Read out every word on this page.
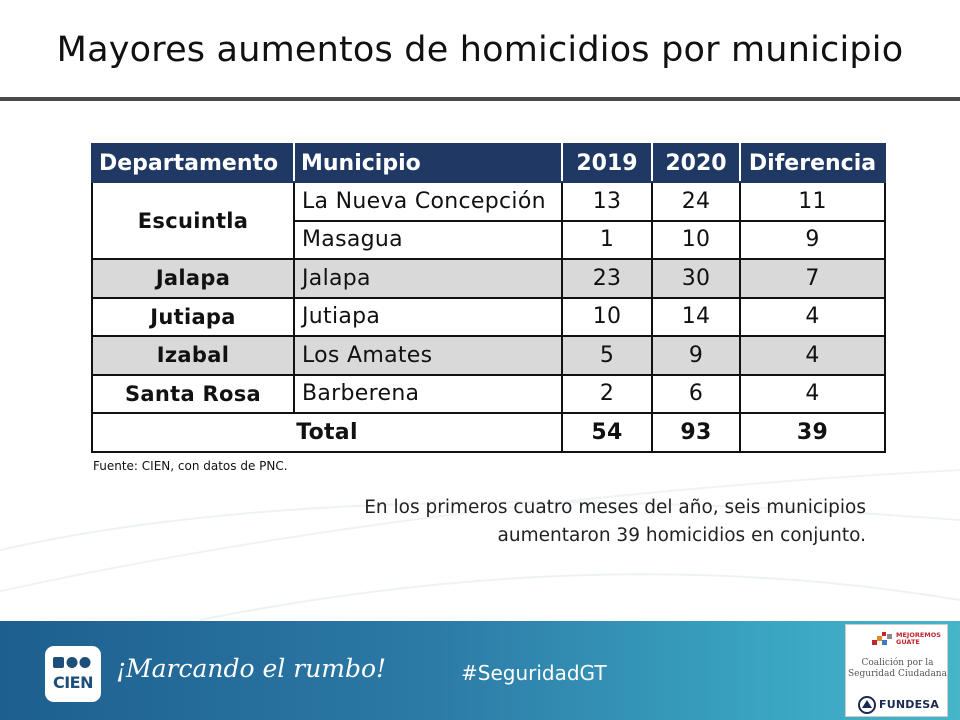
Mayores aumentos de homicidios por municipio
Departamento	Municipio	2019	2020	Diferencia
Escuintla	La Nueva Concepción	13	24	11
	Masagua	1	10	9
Jalapa	Jalapa	23	30	7
Jutiapa	Jutiapa	10	14	4
Izabal	Los Amates	5	9	4
Santa Rosa	Barberena	2	6	4
Total		54	93	39
Fuente: CIEN, con datos de PNC.
En los primeros cuatro meses del año, seis municipios
aumentaron 39 homicidios en conjunto.
CIEN ¡Marcando el rumbo!	#SeguridadGT
MEJOREMOS
GUATE
Coalición por la
Seguridad Ciudadana
FUNDESA
